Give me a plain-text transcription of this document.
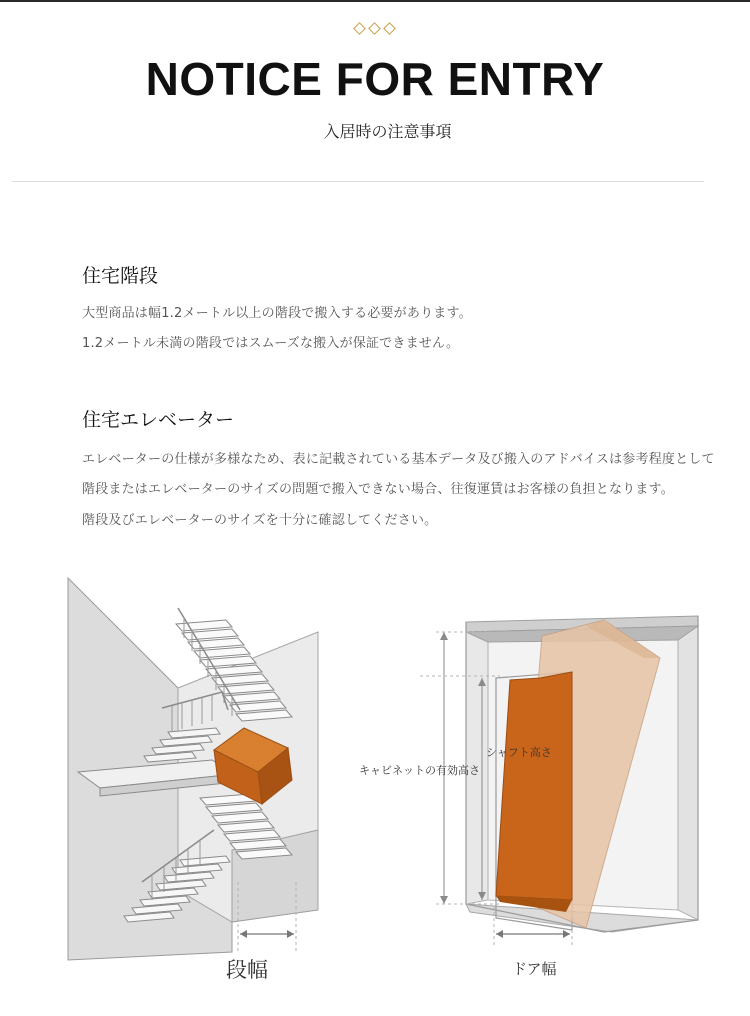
NOTICE FOR ENTRY
入居時の注意事項
住宅階段
大型商品は幅1.2メートル以上の階段で搬入する必要があります。
1.2メートル未満の階段ではスムーズな搬入が保証できません。
住宅エレベーター
エレベーターの仕様が多様なため、表に記載されている基本データ及び搬入のアドバイスは参考程度として
階段またはエレベーターのサイズの問題で搬入できない場合、往復運賃はお客様の負担となります。
階段及びエレベーターのサイズを十分に確認してください。
段幅
シャフト高さ
キャビネットの有効高さ
ドア幅
